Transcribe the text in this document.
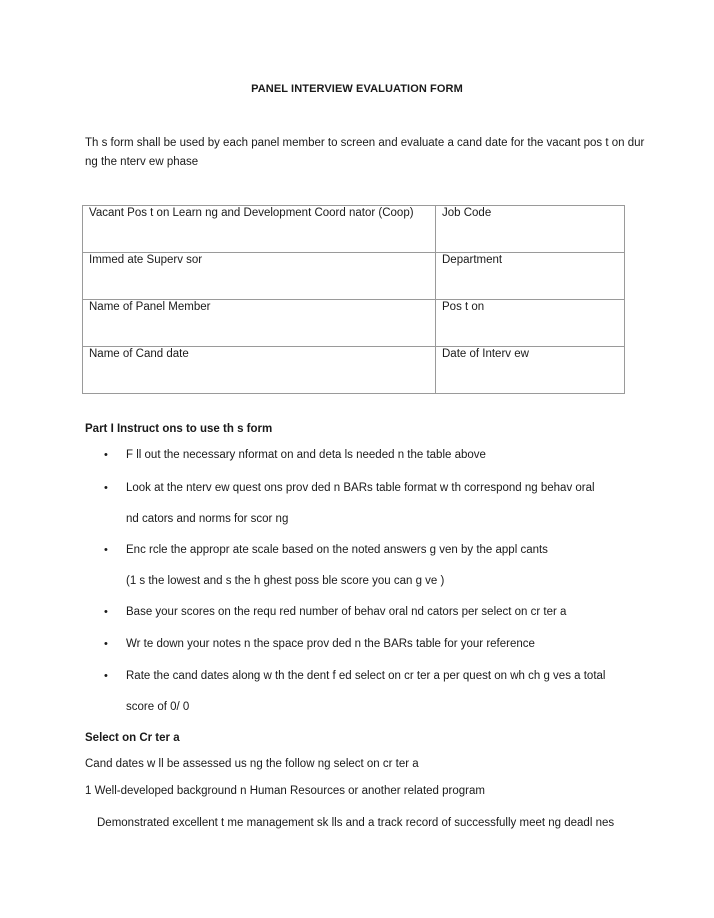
PANEL INTERVIEW EVALUATION FORM
Th s form shall be used by each panel member to screen and evaluate a cand date for the vacant pos t on dur ng the nterv ew phase
Vacant Pos t on Learn ng and Development Coord nator (Coop)	Job Code
Immed ate Superv sor	Department
Name of Panel Member	Pos t on
Name of Cand date	Date of Interv ew
Part I Instruct ons to use th s form
•	F ll out the necessary nformat on and deta ls needed n the table above
•	Look at the nterv ew quest ons prov ded n BARs table format w th correspond ng behav oral
nd cators and norms for scor ng
•	Enc rcle the appropr ate scale based on the noted answers g ven by the appl cants
(1 s the lowest and s the h ghest poss ble score you can g ve )
•	Base your scores on the requ red number of behav oral nd cators per select on cr ter a
•	Wr te down your notes n the space prov ded n the BARs table for your reference
•	Rate the cand dates along w th the dent f ed select on cr ter a per quest on wh ch g ves a total
score of 0/ 0
Select on Cr ter a
Cand dates w ll be assessed us ng the follow ng select on cr ter a
1 Well-developed background n Human Resources or another related program
Demonstrated excellent t me management sk lls and a track record of successfully meet ng deadl nes
